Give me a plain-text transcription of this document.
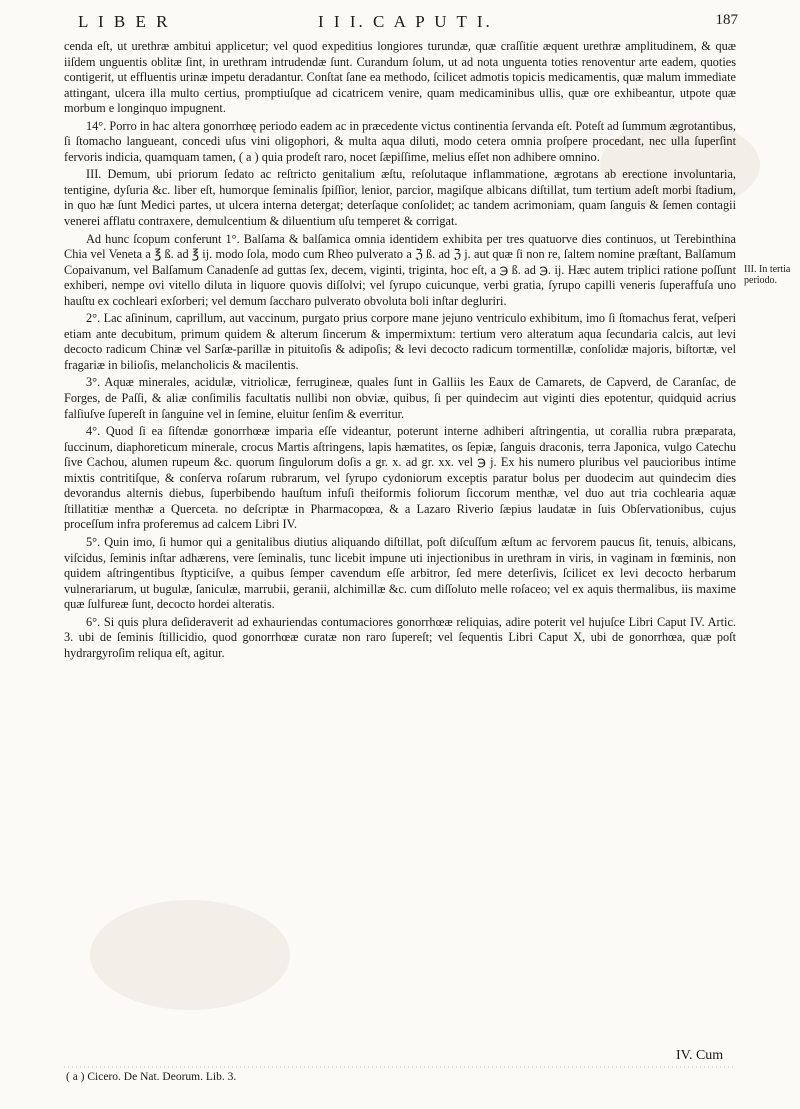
L I B E R	I I I. C A P U T I.	187

cenda eſt, ut urethræ ambitui applicetur; vel quod expeditius longiores turundæ, quæ craſſitie æquent urethræ amplitudinem, & quæ iiſdem unguentis oblitæ ſint, in urethram intrudendæ ſunt. Curandum ſolum, ut ad nota unguenta toties renoventur arte eadem, quoties contigerit, ut effluentis urinæ impetu deradantur. Conſtat ſane ea methodo, ſcilicet admotis topicis medicamentis, quæ malum immediate attingant, ulcera illa multo certius, promptiuſque ad cicatricem venire, quam medicaminibus ullis, quæ ore exhibeantur, utpote quæ morbum e longinquo impugnent.

14°. Porro in hac altera gonorrhœę periodo eadem ac in præcedente victus continentia ſervanda eſt. Poteſt ad ſummum ægrotantibus, ſi ſtomacho langueant, concedi uſus vini oligophori, & multa aqua diluti, modo cetera omnia proſpere procedant, nec ulla ſuperſint fervoris indicia, quamquam tamen, ( a ) quia prodeſt raro, nocet ſæpiſſime, melius eſſet non adhibere omnino.

III. Demum, ubi priorum ſedato ac reſtricto genitalium æſtu, reſolutaque inflammatione, ægrotans ab erectione involuntaria, tentigine, dyſuria &c. liber eſt, humorque ſeminalis ſpiſſior, lenior, parcior, magiſque albicans diſtillat, tum tertium adeſt morbi ſtadium, in quo hæ ſunt Medici partes, ut ulcera interna detergat; deterſaque conſolidet; ac tandem acrimoniam, quam ſanguis & ſemen contagii venerei afflatu contraxere, demulcentium & diluentium uſu temperet & corrigat.

Ad hunc ſcopum conferunt 1°. Balſama & balſamica omnia identidem exhibita per tres quatuorve dies continuos, ut Terebinthina Chia vel Veneta a ℥ ß. ad ℥ ij. modo ſola, modo cum Rheo pulverato a ℨ ß. ad ℨ j. aut quæ ſi non re, ſaltem nomine præſtant, Balſamum Copaivanum, vel Balſamum Canadenſe ad guttas ſex, decem, viginti, triginta, hoc eſt, a ℈ ß. ad ℈. ij. Hæc autem triplici ratione poſſunt exhiberi, nempe ovi vitello diluta in liquore quovis diſſolvi; vel ſyrupo cuicunque, verbi gratia, ſyrupo capilli veneris ſuperaffuſa uno hauſtu ex cochleari exſorberi; vel demum ſaccharo pulverato obvoluta boli inſtar degluriri.

2°. Lac aſininum, caprillum, aut vaccinum, purgato prius corpore mane jejuno ventriculo exhibitum, imo ſi ſtomachus ferat, veſperi etiam ante decubitum, primum quidem & alterum ſincerum & impermixtum: tertium vero alteratum aqua ſecundaria calcis, aut levi decocto radicum Chinæ vel Sarſæ-parillæ in pituitoſis & adipoſis; & levi decocto radicum tormentillæ, conſolidæ majoris, biſtortæ, vel fragariæ in bilioſis, melancholicis & macilentis.

3°. Aquæ minerales, acidulæ, vitriolicæ, ferrugineæ, quales ſunt in Galliis les Eaux de Camarets, de Capverd, de Caranſac, de Forges, de Paſſi, & aliæ conſimilis facultatis nullibi non obviæ, quibus, ſi per quindecim aut viginti dies epotentur, quidquid acrius falſiuſve ſupereſt in ſanguine vel in ſemine, eluitur ſenſim & everritur.

4°. Quod ſi ea ſiſtendæ gonorrhœæ imparia eſſe videantur, poterunt interne adhiberi aſtringentia, ut corallia rubra præparata, ſuccinum, diaphoreticum minerale, crocus Martis aſtringens, lapis hæmatites, os ſepiæ, ſanguis draconis, terra Japonica, vulgo Catechu ſive Cachou, alumen rupeum &c. quorum ſingulorum doſis a gr. x. ad gr. xx. vel ℈ j. Ex his numero pluribus vel paucioribus intime mixtis contritiſque, & conſerva roſarum rubrarum, vel ſyrupo cydoniorum exceptis paratur bolus per duodecim aut quindecim dies devorandus alternis diebus, ſuperbibendo hauſtum infuſi theiformis foliorum ſiccorum menthæ, vel duo aut tria cochlearia aquæ ſtillatitiæ menthæ a Querceta. no deſcriptæ in Pharmacopœa, & a Lazaro Riverio ſæpius laudatæ in ſuis Obſervationibus, cujus proceſſum infra proferemus ad calcem Libri IV.

5°. Quin imo, ſi humor qui a genitalibus diutius aliquando diſtillat, poſt diſcuſſum æſtum ac fervorem paucus ſit, tenuis, albicans, viſcidus, ſeminis inſtar adhærens, vere ſeminalis, tunc licebit impune uti injectionibus in urethram in viris, in vaginam in fœminis, non quidem aſtringentibus ſtypticiſve, a quibus ſemper cavendum eſſe arbitror, ſed mere deterſivis, ſcilicet ex levi decocto herbarum vulnerariarum, ut bugulæ, ſaniculæ, marrubii, geranii, alchimillæ &c. cum diſſoluto melle roſaceo; vel ex aquis thermalibus, iis maxime quæ ſulfureæ ſunt, decocto hordei alteratis.

6°. Si quis plura deſideraverit ad exhauriendas contumaciores gonorrhœæ reliquias, adire poterit vel hujuſce Libri Caput IV. Artic. 3. ubi de ſeminis ſtillicidio, quod gonorrhœæ curatæ non raro ſupereſt; vel ſequentis Libri Caput X, ubi de gonorrhœa, quæ poſt hydrargyroſim reliqua eſt, agitur.

III. In tertia periodo.
IV. Cum
( a ) Cicero. De Nat. Deorum. Lib. 3.
